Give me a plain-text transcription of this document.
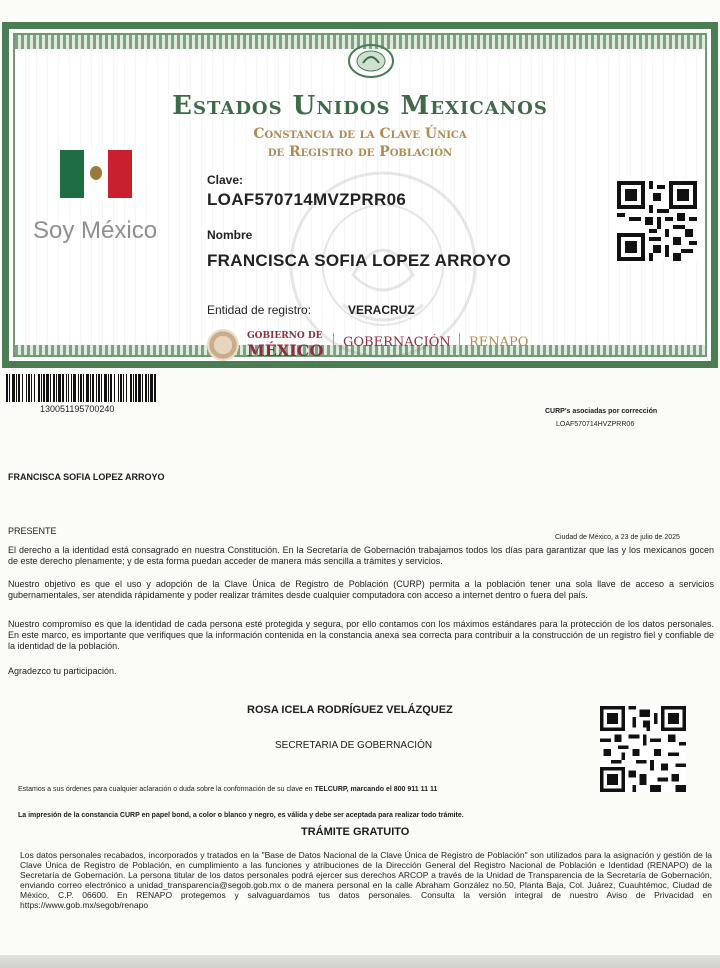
Estados Unidos Mexicanos
Constancia de la Clave Única
de Registro de Población
Soy México
Clave:
LOAF570714MVZPRR06
Nombre
FRANCISCA SOFIA LOPEZ ARROYO
Entidad de registro:	VERACRUZ
GOBIERNO DE
MÉXICO GOBERNACIÓN RENAPO
130051195700240	CURP's asociadas por corrección
LOAF570714HVZPRR06
FRANCISCA SOFIA LOPEZ ARROYO
PRESENTE
Ciudad de México, a 23 de julio de 2025
El derecho a la identidad está consagrado en nuestra Constitución. En la Secretaría de Gobernación trabajamos todos los días para garantizar que las y los mexicanos gocen de este derecho plenamente; y de esta forma puedan acceder de manera más sencilla a trámites y servicios.
Nuestro objetivo es que el uso y adopción de la Clave Única de Registro de Población (CURP) permita a la población tener una sola llave de acceso a servicios gubernamentales, ser atendida rápidamente y poder realizar trámites desde cualquier computadora con acceso a internet dentro o fuera del país.
Nuestro compromiso es que la identidad de cada persona esté protegida y segura, por ello contamos con los máximos estándares para la protección de los datos personales. En este marco, es importante que verifiques que la información contenida en la constancia anexa sea correcta para contribuir a la construcción de un registro fiel y confiable de la identidad de la población.
Agradezco tu participación.
ROSA ICELA RODRÍGUEZ VELÁZQUEZ
SECRETARIA DE GOBERNACIÓN
Estamos a sus órdenes para cualquier aclaración o duda sobre la conformación de su clave en TELCURP, marcando el 800 911 11 11
La impresión de la constancia CURP en papel bond, a color o blanco y negro, es válida y debe ser aceptada para realizar todo trámite.
TRÁMITE GRATUITO
Los datos personales recabados, incorporados y tratados en la "Base de Datos Nacional de la Clave Única de Registro de Población" son utilizados para la asignación y gestión de la Clave Única de Registro de Población, en cumplimiento a las funciones y atribuciones de la Dirección General del Registro Nacional de Población e Identidad (RENAPO) de la Secretaría de Gobernación. La persona titular de los datos personales podrá ejercer sus derechos ARCOP a través de la Unidad de Transparencia de la Secretaría de Gobernación, enviando correo electrónico a unidad_transparencia@segob.gob.mx o de manera personal en la calle Abraham González no.50, Planta Baja, Col. Juárez, Cuauhtémoc, Ciudad de México, C.P. 06600. En RENAPO protegemos y salvaguardamos tus datos personales. Consulta la versión integral de nuestro Aviso de Privacidad en https://www.gob.mx/segob/renapo
